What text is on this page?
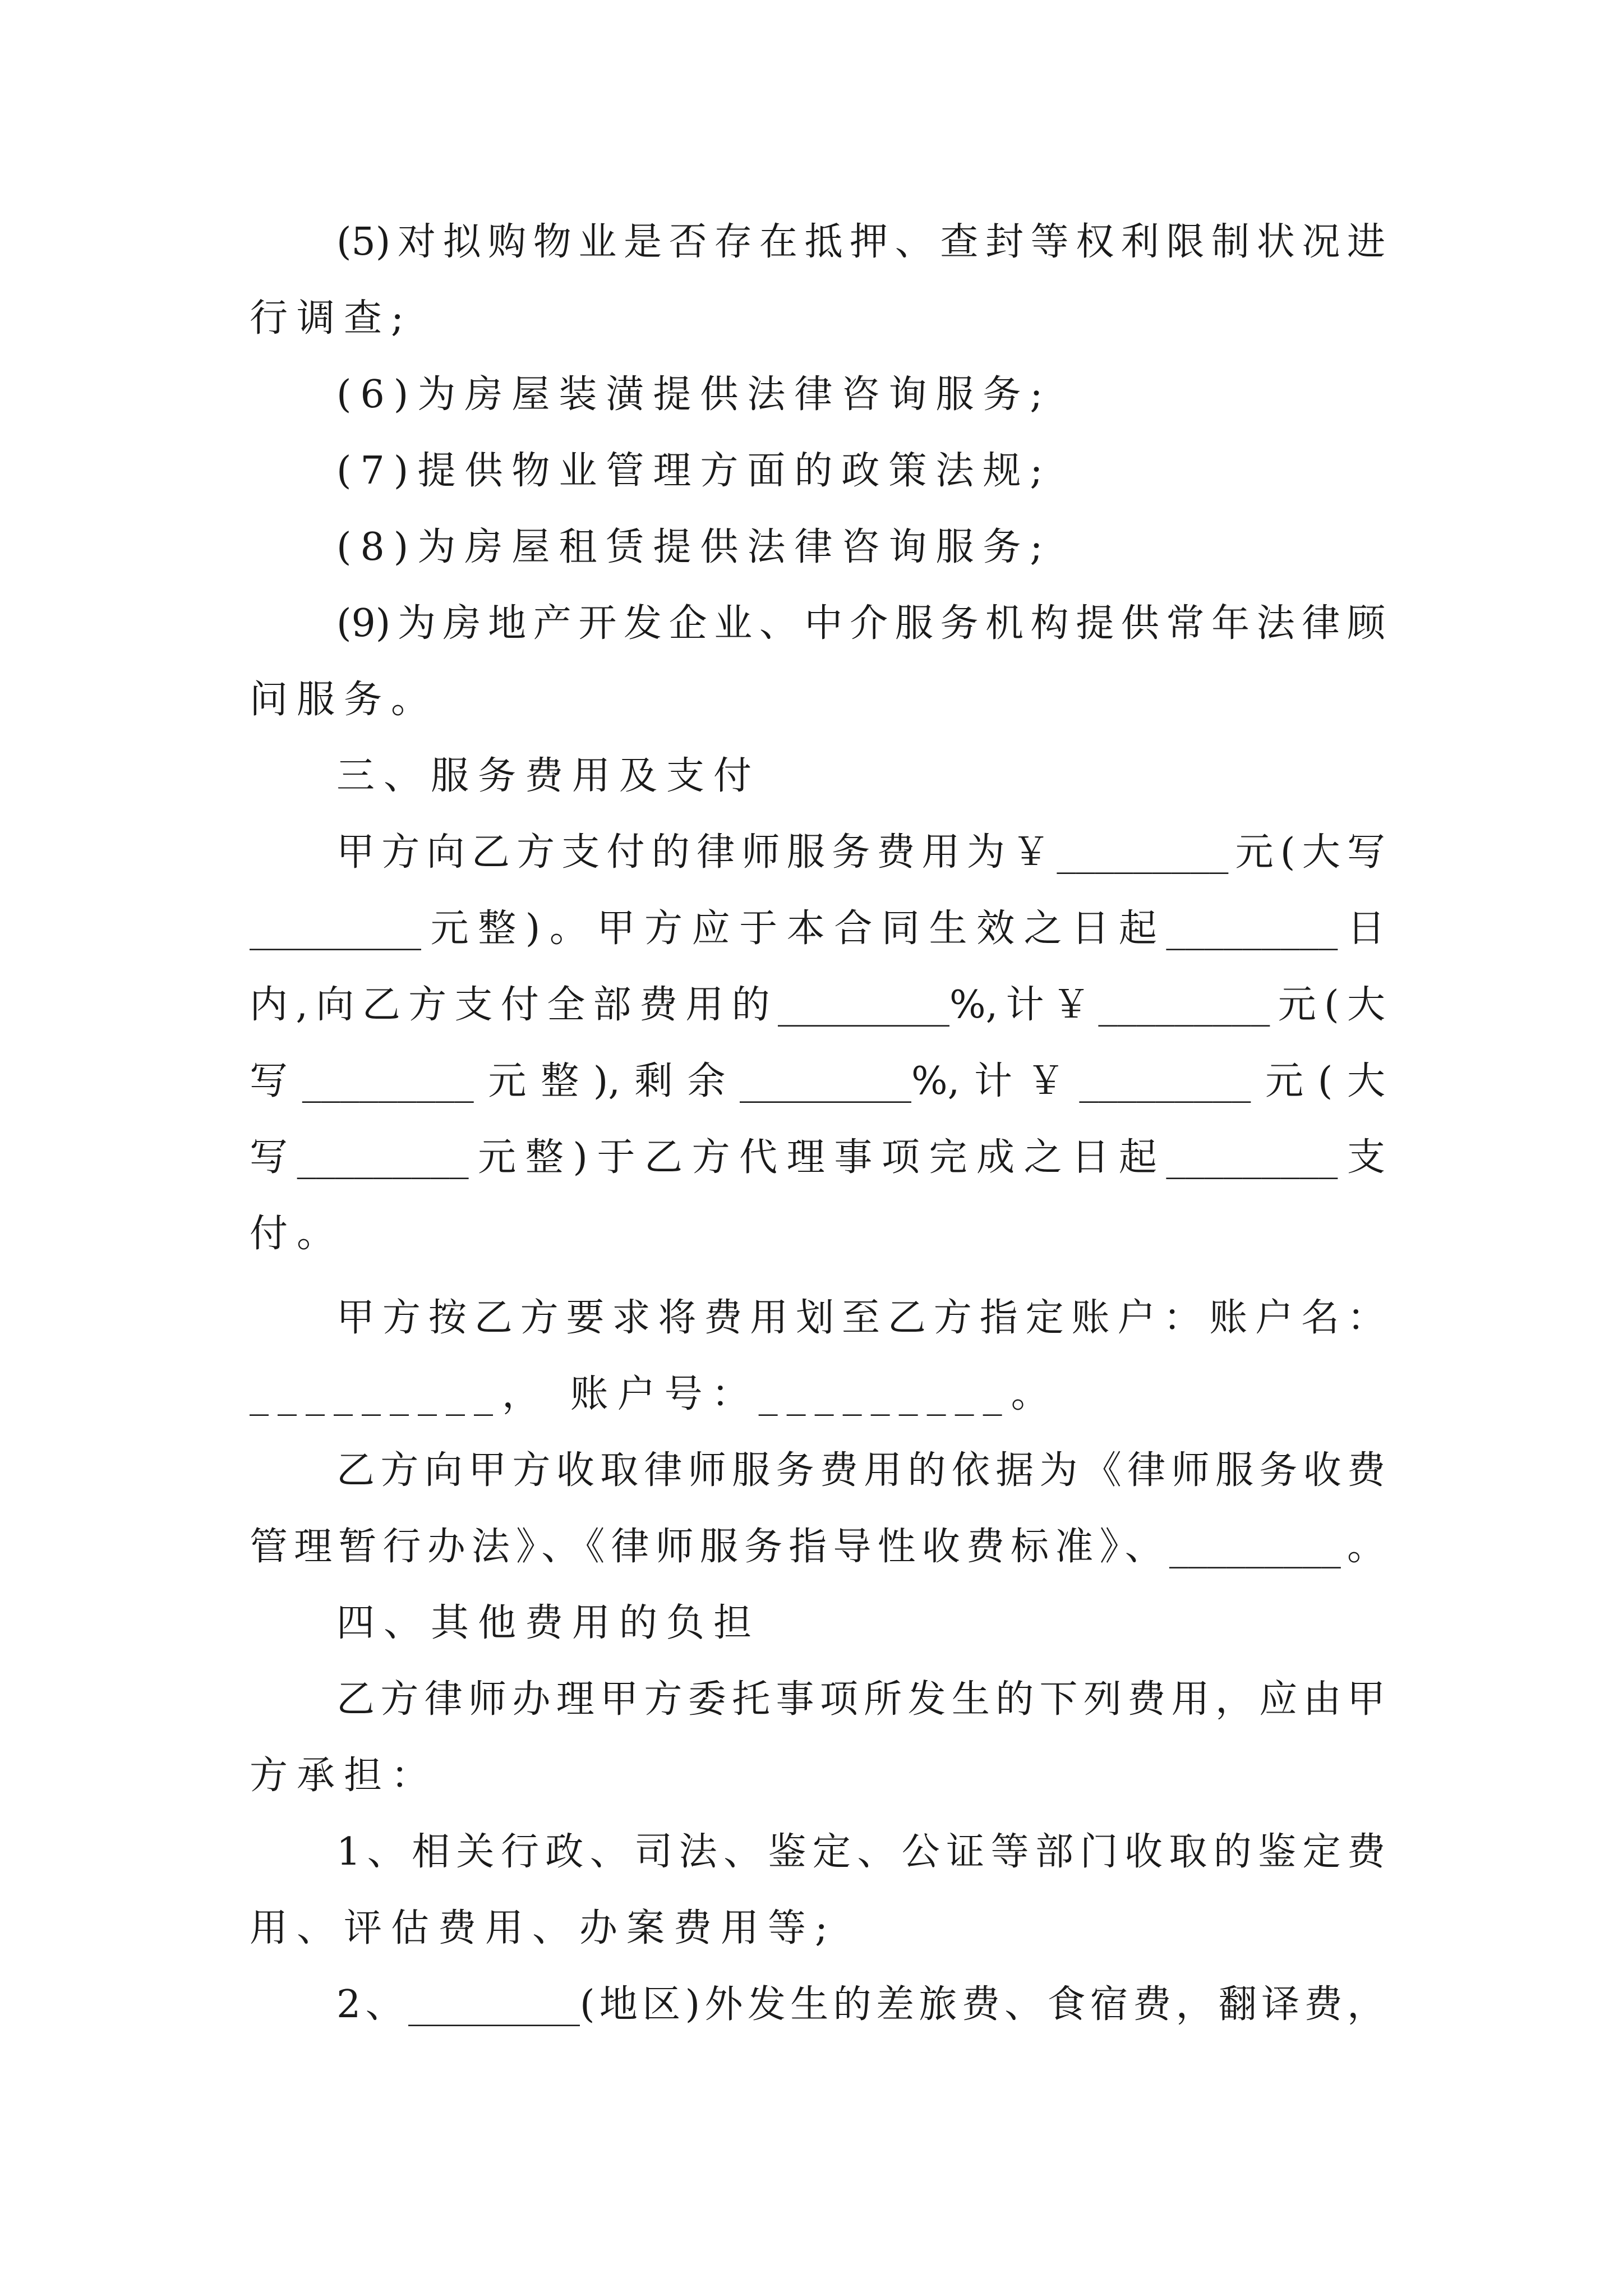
(5)对拟购物业是否存在抵押、查封等权利限制状况进
行调查;
(6)为房屋装潢提供法律咨询服务;
(7)提供物业管理方面的政策法规;
(8)为房屋租赁提供法律咨询服务;
(9)为房地产开发企业、中介服务机构提供常年法律顾
问服务。
三、服务费用及支付
甲方向乙方支付的律师服务费用为￥_________元(大写
_________元整)。甲方应于本合同生效之日起_________日
内,向乙方支付全部费用的_________%,计￥_________元(大
写_________元整),剩余_________%,计￥_________元(大
写_________元整)于乙方代理事项完成之日起_________支
付。
甲方按乙方要求将费用划至乙方指定账户：账户名：
_________， 账户号：_________。
乙方向甲方收取律师服务费用的依据为《律师服务收费
管理暂行办法》、《律师服务指导性收费标准》、_________。
四、其他费用的负担
乙方律师办理甲方委托事项所发生的下列费用，应由甲
方承担：
1、相关行政、司法、鉴定、公证等部门收取的鉴定费
用、评估费用、办案费用等;
2、_________(地区)外发生的差旅费、食宿费，翻译费，
